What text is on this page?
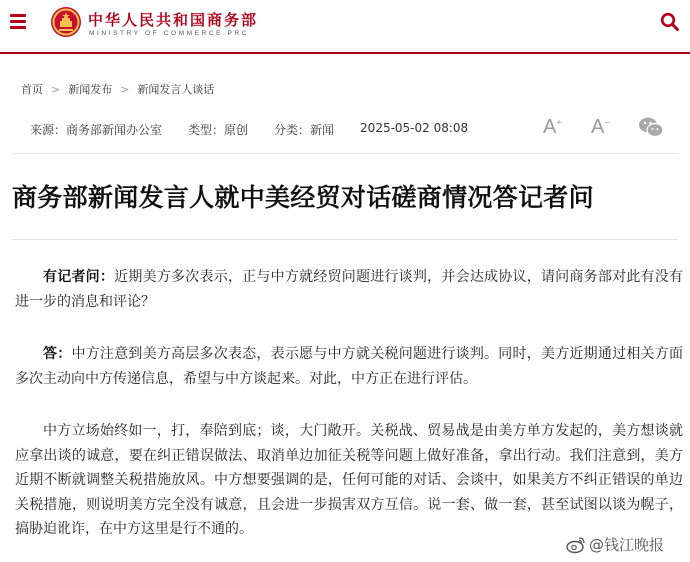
中华人民共和国商务部
MINISTRY OF COMMERCE.PRC
首页 > 新闻发布 > 新闻发言人谈话
来源：商务部新闻办公室 类型：原创 分类：新闻 2025-05-02 08:08	A+ A−
商务部新闻发言人就中美经贸对话磋商情况答记者问
有记者问：近期美方多次表示，正与中方就经贸问题进行谈判，并会达成协议，请问商务部对此有没有进一步的消息和评论？
答：中方注意到美方高层多次表态，表示愿与中方就关税问题进行谈判。同时，美方近期通过相关方面多次主动向中方传递信息，希望与中方谈起来。对此，中方正在进行评估。
中方立场始终如一，打，奉陪到底；谈，大门敞开。关税战、贸易战是由美方单方发起的，美方想谈就应拿出谈的诚意，要在纠正错误做法、取消单边加征关税等问题上做好准备，拿出行动。我们注意到，美方近期不断就调整关税措施放风。中方想要强调的是，任何可能的对话、会谈中，如果美方不纠正错误的单边关税措施，则说明美方完全没有诚意，且会进一步损害双方互信。说一套、做一套，甚至试图以谈为幌子，搞胁迫讹诈，在中方这里是行不通的。
@钱江晚报
